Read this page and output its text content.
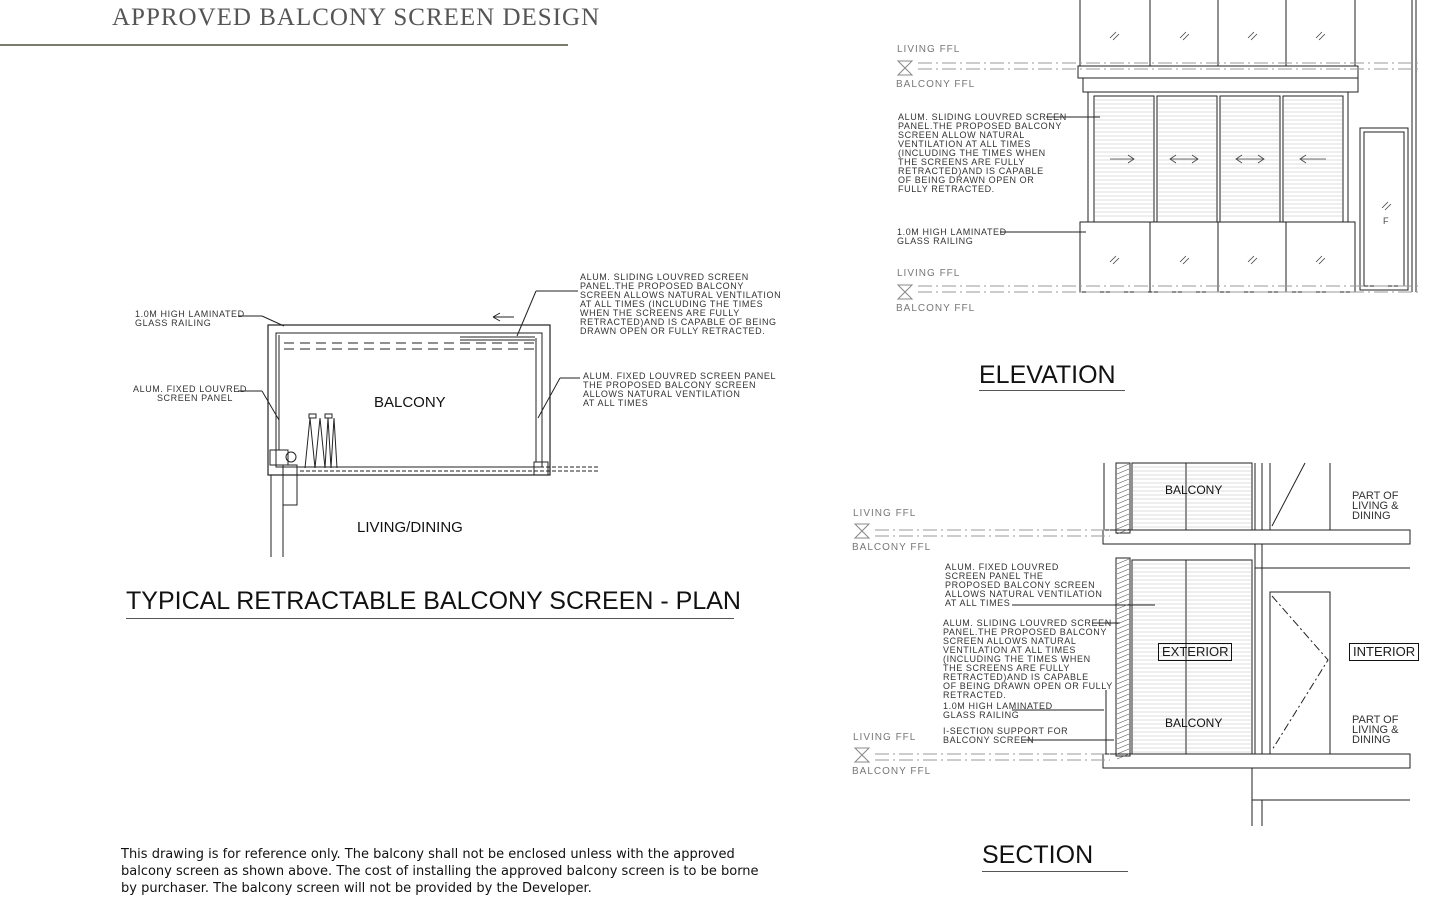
APPROVED BALCONY SCREEN DESIGN
1.0M HIGH LAMINATED
GLASS RAILING
ALUM. FIXED LOUVRED
SCREEN PANEL
ALUM. SLIDING LOUVRED SCREEN
PANEL.THE PROPOSED BALCONY
SCREEN ALLOWS NATURAL VENTILATION
AT ALL TIMES (INCLUDING THE TIMES
WHEN THE SCREENS ARE FULLY
RETRACTED)AND IS CAPABLE OF BEING
DRAWN OPEN OR FULLY RETRACTED.
ALUM. FIXED LOUVRED SCREEN PANEL
THE PROPOSED BALCONY SCREEN
ALLOWS NATURAL VENTILATION
AT ALL TIMES
BALCONY
LIVING/DINING
TYPICAL RETRACTABLE BALCONY SCREEN - PLAN
LIVING FFL
BALCONY FFL
LIVING FFL
BALCONY FFL
ALUM. SLIDING LOUVRED SCREEN
PANEL.THE PROPOSED BALCONY
SCREEN ALLOW NATURAL
VENTILATION AT ALL TIMES
(INCLUDING THE TIMES WHEN
THE SCREENS ARE FULLY
RETRACTED)AND IS CAPABLE
OF BEING DRAWN OPEN OR
FULLY RETRACTED.
1.0M HIGH LAMINATED
GLASS RAILING
F
ELEVATION
LIVING FFL
BALCONY FFL
LIVING FFL
BALCONY FFL
ALUM. FIXED LOUVRED
SCREEN PANEL THE
PROPOSED BALCONY SCREEN
ALLOWS NATURAL VENTILATION
AT ALL TIMES
ALUM. SLIDING LOUVRED SCREEN
PANEL.THE PROPOSED BALCONY
SCREEN ALLOWS NATURAL
VENTILATION AT ALL TIMES
(INCLUDING THE TIMES WHEN
THE SCREENS ARE FULLY
RETRACTED)AND IS CAPABLE
OF BEING DRAWN OPEN OR FULLY
RETRACTED.
1.0M HIGH LAMINATED
GLASS RAILING
I-SECTION SUPPORT FOR
BALCONY SCREEN
BALCONY
BALCONY
EXTERIOR	INTERIOR
PART OF
LIVING &
DINING
PART OF
LIVING &
DINING
SECTION
This drawing is for reference only. The balcony shall not be enclosed unless with the approved balcony screen as shown above. The cost of installing the approved balcony screen is to be borne by purchaser. The balcony screen will not be provided by the Developer.
